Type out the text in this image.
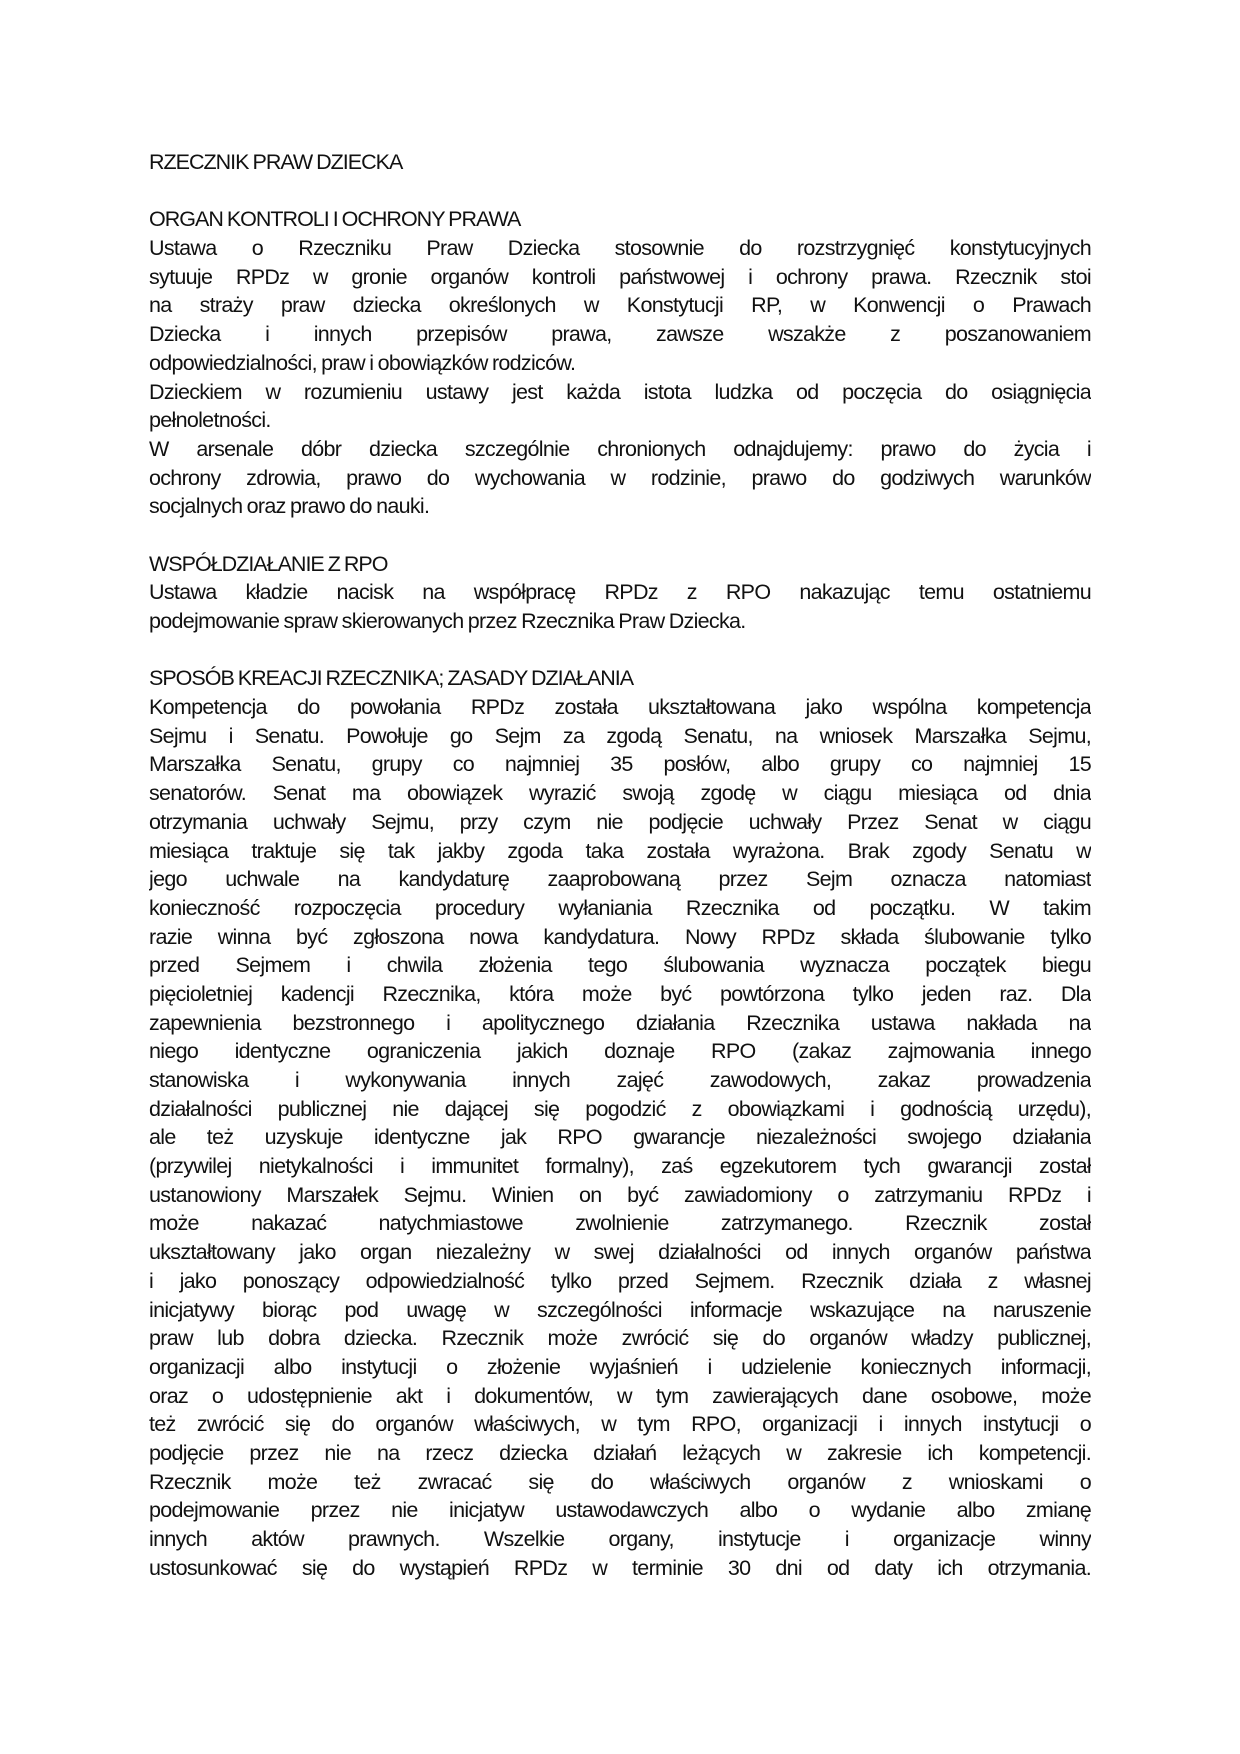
RZECZNIK PRAW DZIECKA
ORGAN KONTROLI I OCHRONY PRAWA
Ustawa o Rzeczniku Praw Dziecka stosownie do rozstrzygnięć konstytucyjnych
sytuuje RPDz w gronie organów kontroli państwowej i ochrony prawa. Rzecznik stoi
na straży praw dziecka określonych w Konstytucji RP, w Konwencji o Prawach
Dziecka i innych przepisów prawa, zawsze wszakże z poszanowaniem
odpowiedzialności, praw i obowiązków rodziców.
Dzieckiem w rozumieniu ustawy jest każda istota ludzka od poczęcia do osiągnięcia
pełnoletności.
W arsenale dóbr dziecka szczególnie chronionych odnajdujemy: prawo do życia i
ochrony zdrowia, prawo do wychowania w rodzinie, prawo do godziwych warunków
socjalnych oraz prawo do nauki.
WSPÓŁDZIAŁANIE Z RPO
Ustawa kładzie nacisk na współpracę RPDz z RPO nakazując temu ostatniemu
podejmowanie spraw skierowanych przez Rzecznika Praw Dziecka.
SPOSÓB KREACJI RZECZNIKA; ZASADY DZIAŁANIA
Kompetencja do powołania RPDz została ukształtowana jako wspólna kompetencja
Sejmu i Senatu. Powołuje go Sejm za zgodą Senatu, na wniosek Marszałka Sejmu,
Marszałka Senatu, grupy co najmniej 35 posłów, albo grupy co najmniej 15
senatorów. Senat ma obowiązek wyrazić swoją zgodę w ciągu miesiąca od dnia
otrzymania uchwały Sejmu, przy czym nie podjęcie uchwały Przez Senat w ciągu
miesiąca traktuje się tak jakby zgoda taka została wyrażona. Brak zgody Senatu w
jego uchwale na kandydaturę zaaprobowaną przez Sejm oznacza natomiast
konieczność rozpoczęcia procedury wyłaniania Rzecznika od początku. W takim
razie winna być zgłoszona nowa kandydatura. Nowy RPDz składa ślubowanie tylko
przed Sejmem i chwila złożenia tego ślubowania wyznacza początek biegu
pięcioletniej kadencji Rzecznika, która może być powtórzona tylko jeden raz. Dla
zapewnienia bezstronnego i apolitycznego działania Rzecznika ustawa nakłada na
niego identyczne ograniczenia jakich doznaje RPO (zakaz zajmowania innego
stanowiska i wykonywania innych zajęć zawodowych, zakaz prowadzenia
działalności publicznej nie dającej się pogodzić z obowiązkami i godnością urzędu),
ale też uzyskuje identyczne jak RPO gwarancje niezależności swojego działania
(przywilej nietykalności i immunitet formalny), zaś egzekutorem tych gwarancji został
ustanowiony Marszałek Sejmu. Winien on być zawiadomiony o zatrzymaniu RPDz i
może nakazać natychmiastowe zwolnienie zatrzymanego. Rzecznik został
ukształtowany jako organ niezależny w swej działalności od innych organów państwa
i jako ponoszący odpowiedzialność tylko przed Sejmem. Rzecznik działa z własnej
inicjatywy biorąc pod uwagę w szczególności informacje wskazujące na naruszenie
praw lub dobra dziecka. Rzecznik może zwrócić się do organów władzy publicznej,
organizacji albo instytucji o złożenie wyjaśnień i udzielenie koniecznych informacji,
oraz o udostępnienie akt i dokumentów, w tym zawierających dane osobowe, może
też zwrócić się do organów właściwych, w tym RPO, organizacji i innych instytucji o
podjęcie przez nie na rzecz dziecka działań leżących w zakresie ich kompetencji.
Rzecznik może też zwracać się do właściwych organów z wnioskami o
podejmowanie przez nie inicjatyw ustawodawczych albo o wydanie albo zmianę
innych aktów prawnych. Wszelkie organy, instytucje i organizacje winny
ustosunkować się do wystąpień RPDz w terminie 30 dni od daty ich otrzymania.
